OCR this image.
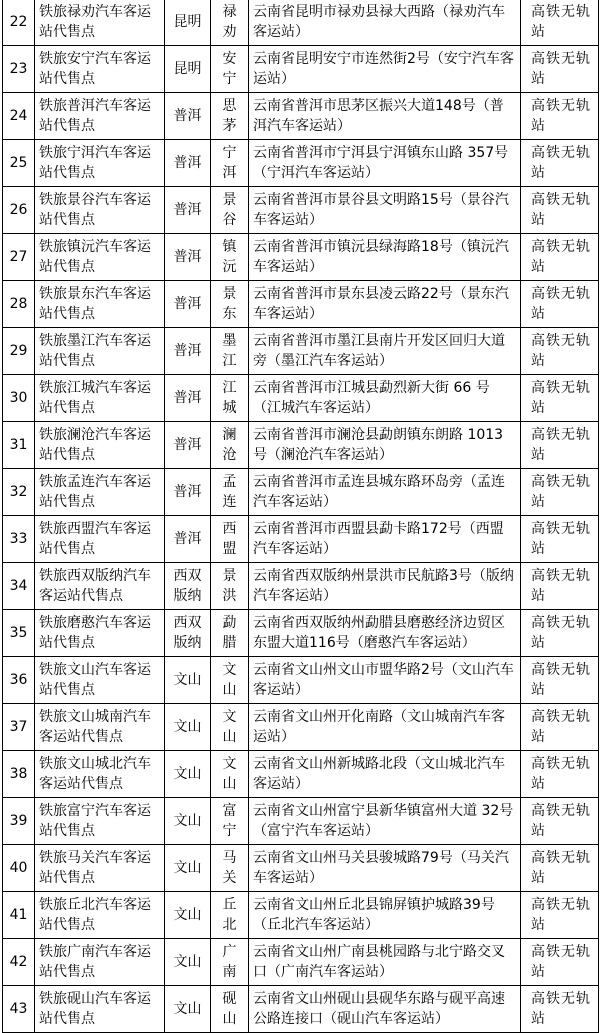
22	铁旅禄劝汽车客运站代售点	昆明	禄劝	云南省昆明市禄劝县禄大西路（禄劝汽车客运站）	高铁无轨站
23	铁旅安宁汽车客运站代售点	昆明	安宁	云南省昆明安宁市连然街2号（安宁汽车客运站）	高铁无轨站
24	铁旅普洱汽车客运站代售点	普洱	思茅	云南省普洱市思茅区振兴大道148号（普洱汽车客运站）	高铁无轨站
25	铁旅宁洱汽车客运站代售点	普洱	宁洱	云南省普洱市宁洱县宁洱镇东山路 357号（宁洱汽车客运站）	高铁无轨站
26	铁旅景谷汽车客运站代售点	普洱	景谷	云南省普洱市景谷县文明路15号（景谷汽车客运站）	高铁无轨站
27	铁旅镇沅汽车客运站代售点	普洱	镇沅	云南省普洱市镇沅县绿海路18号（镇沅汽车客运站）	高铁无轨站
28	铁旅景东汽车客运站代售点	普洱	景东	云南省普洱市景东县凌云路22号（景东汽车客运站）	高铁无轨站
29	铁旅墨江汽车客运站代售点	普洱	墨江	云南省普洱市墨江县南片开发区回归大道旁（墨江汽车客运站）	高铁无轨站
30	铁旅江城汽车客运站代售点	普洱	江城	云南省普洱市江城县勐烈新大街 66 号（江城汽车客运站）	高铁无轨站
31	铁旅澜沧汽车客运站代售点	普洱	澜沧	云南省普洱市澜沧县勐朗镇东朗路 1013号（澜沧汽车客运站）	高铁无轨站
32	铁旅孟连汽车客运站代售点	普洱	孟连	云南省普洱市孟连县城东路环岛旁（孟连汽车客运站）	高铁无轨站
33	铁旅西盟汽车客运站代售点	普洱	西盟	云南省普洱市西盟县勐卡路172号（西盟汽车客运站）	高铁无轨站
34	铁旅西双版纳汽车客运站代售点	西双版纳	景洪	云南省西双版纳州景洪市民航路3号（版纳汽车客运站）	高铁无轨站
35	铁旅磨憨汽车客运站代售点	西双版纳	勐腊	云南省西双版纳州勐腊县磨憨经济边贸区东盟大道116号（磨憨汽车客运站）	高铁无轨站
36	铁旅文山汽车客运站代售点	文山	文山	云南省文山州文山市盟华路2号（文山汽车客运站）	高铁无轨站
37	铁旅文山城南汽车客运站代售点	文山	文山	云南省文山州开化南路（文山城南汽车客运站）	高铁无轨站
38	铁旅文山城北汽车客运站代售点	文山	文山	云南省文山州新城路北段（文山城北汽车客运站）	高铁无轨站
39	铁旅富宁汽车客运站代售点	文山	富宁	云南省文山州富宁县新华镇富州大道 32号（富宁汽车客运站）	高铁无轨站
40	铁旅马关汽车客运站代售点	文山	马关	云南省文山州马关县骏城路79号（马关汽车客运站）	高铁无轨站
41	铁旅丘北汽车客运站代售点	文山	丘北	云南省文山州丘北县锦屏镇护城路39号（丘北汽车客运站）	高铁无轨站
42	铁旅广南汽车客运站代售点	文山	广南	云南省文山州广南县桃园路与北宁路交叉口（广南汽车客运站）	高铁无轨站
43	铁旅砚山汽车客运站代售点	文山	砚山	云南省文山州砚山县砚华东路与砚平高速公路连接口（砚山汽车客运站）	高铁无轨站
